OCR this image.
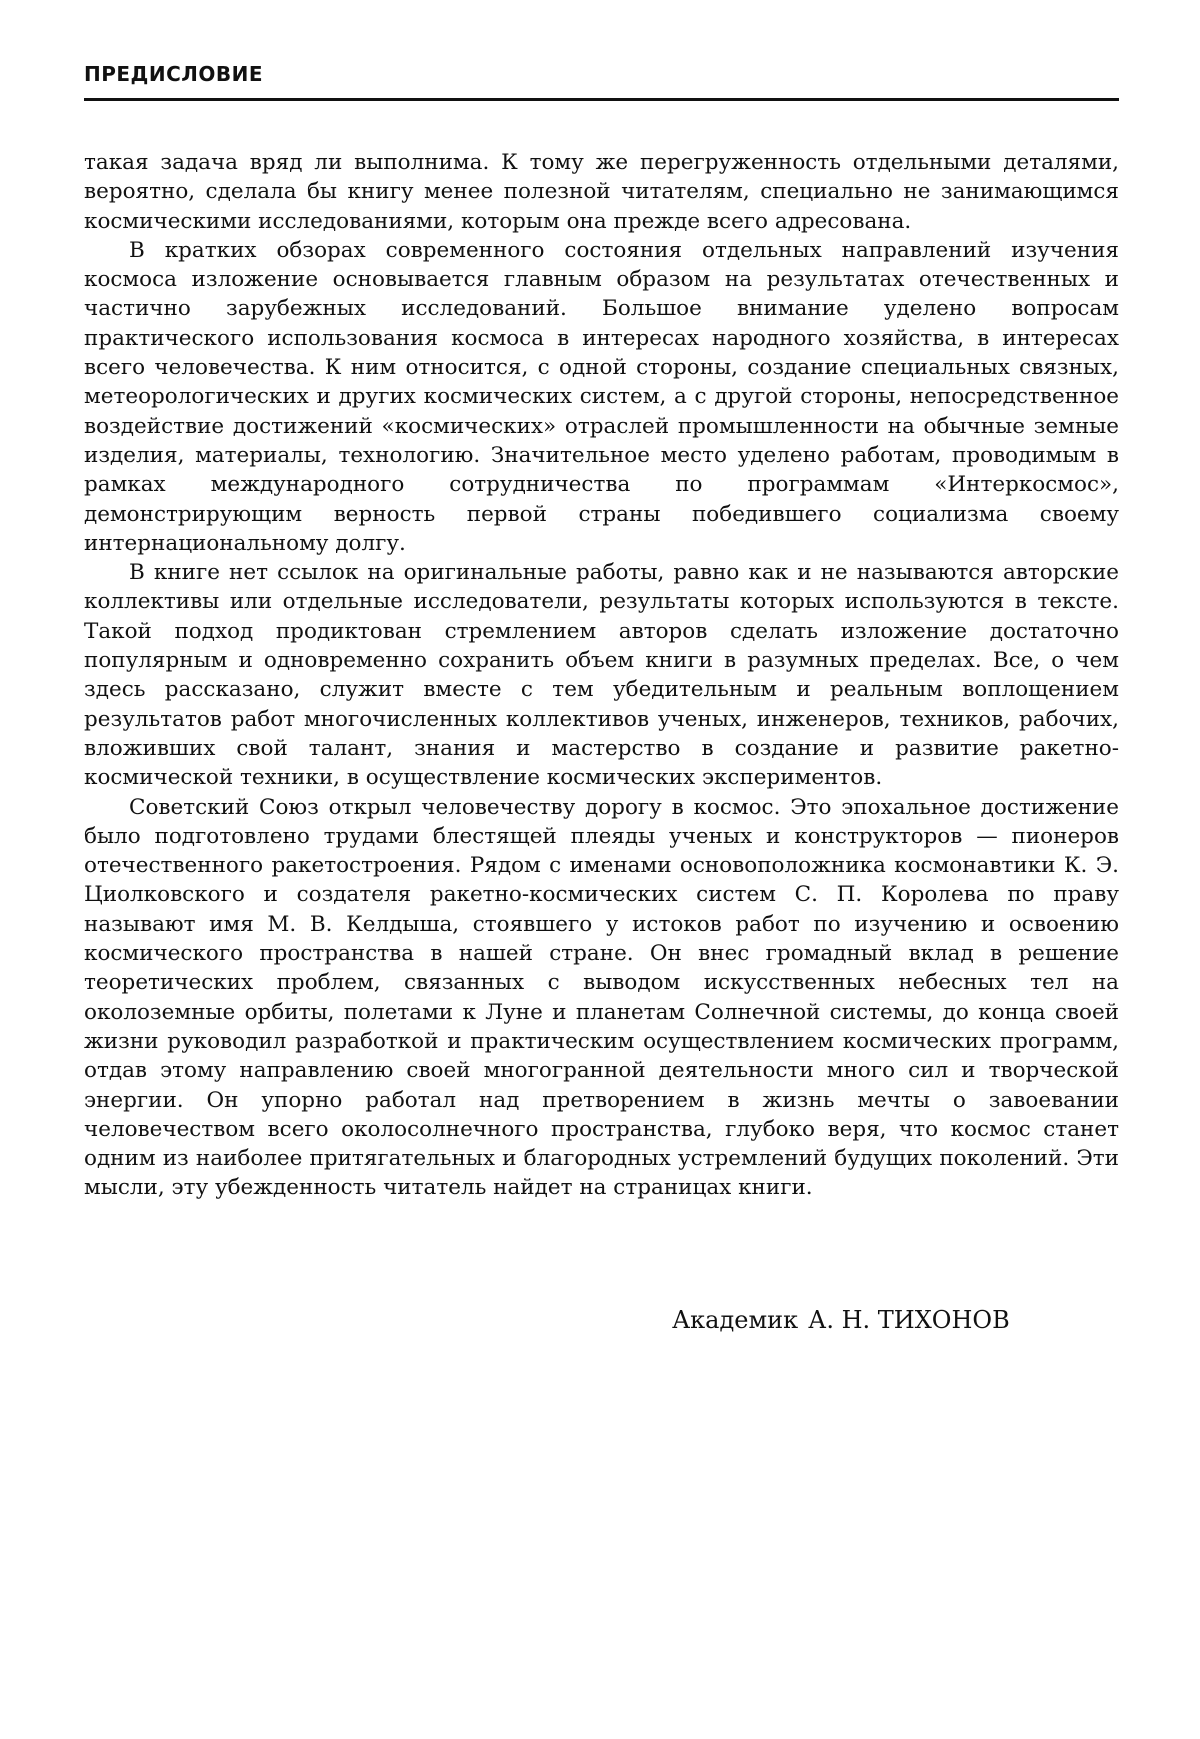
ПРЕДИСЛОВИЕ

такая задача вряд ли выполнима. К тому же перегруженность отдельными деталями, вероятно, сделала бы книгу менее полезной читателям, специально не занимающимся космическими исследованиями, которым она прежде всего адресована.

В кратких обзорах современного состояния отдельных направлений изучения космоса изложение основывается главным образом на результатах отечественных и частично зарубежных исследований. Большое внимание уделено вопросам практического использования космоса в интересах народного хозяйства, в интересах всего человечества. К ним относится, с одной стороны, создание специальных связных, метеорологических и других космических систем, а с другой стороны, непосредственное воздействие достижений «космических» отраслей промышленности на обычные земные изделия, материалы, технологию. Значительное место уделено работам, проводимым в рамках международного сотрудничества по программам «Интеркосмос», демонстрирующим верность первой страны победившего социализма своему интернациональному долгу.

В книге нет ссылок на оригинальные работы, равно как и не называются авторские коллективы или отдельные исследователи, результаты которых используются в тексте. Такой подход продиктован стремлением авторов сделать изложение достаточно популярным и одновременно сохранить объем книги в разумных пределах. Все, о чем здесь рассказано, служит вместе с тем убедительным и реальным воплощением результатов работ многочисленных коллективов ученых, инженеров, техников, рабочих, вложивших свой талант, знания и мастерство в создание и развитие ракетно-космической техники, в осуществление космических экспериментов.

Советский Союз открыл человечеству дорогу в космос. Это эпохальное достижение было подготовлено трудами блестящей плеяды ученых и конструкторов — пионеров отечественного ракетостроения. Рядом с именами основоположника космонавтики К. Э. Циолковского и создателя ракетно-космических систем С. П. Королева по праву называют имя М. В. Келдыша, стоявшего у истоков работ по изучению и освоению космического пространства в нашей стране. Он внес громадный вклад в решение теоретических проблем, связанных с выводом искусственных небесных тел на околоземные орбиты, полетами к Луне и планетам Солнечной системы, до конца своей жизни руководил разработкой и практическим осуществлением космических программ, отдав этому направлению своей многогранной деятельности много сил и творческой энергии. Он упорно работал над претворением в жизнь мечты о завоевании человечеством всего околосолнечного пространства, глубоко веря, что космос станет одним из наиболее притягательных и благородных устремлений будущих поколений. Эти мысли, эту убежденность читатель найдет на страницах книги.

Академик А. Н. ТИХОНОВ
